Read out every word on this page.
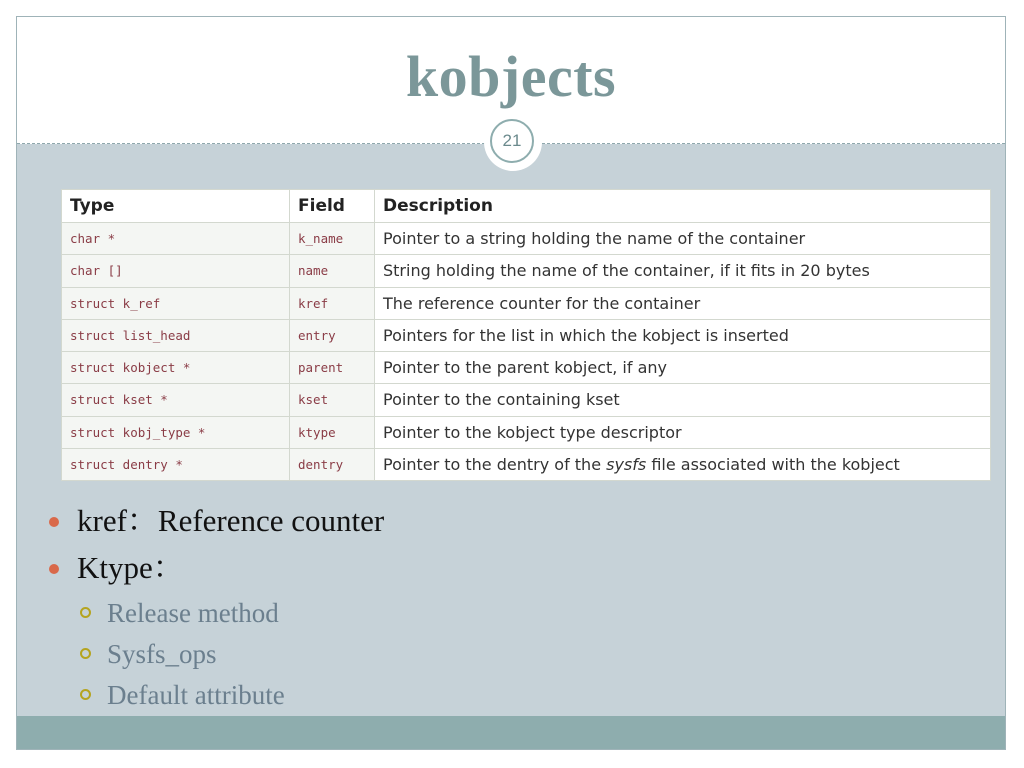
kobjects
21
Type	Field	Description
char *	k_name	Pointer to a string holding the name of the container
char []	name	String holding the name of the container, if it fits in 20 bytes
struct k_ref	kref	The reference counter for the container
struct list_head	entry	Pointers for the list in which the kobject is inserted
struct kobject *	parent	Pointer to the parent kobject, if any
struct kset *	kset	Pointer to the containing kset
struct kobj_type *	ktype	Pointer to the kobject type descriptor
struct dentry *	dentry	Pointer to the dentry of the sysfs file associated with the kobject
kref：Reference counter
Ktype：
Release method
Sysfs_ops
Default attribute
